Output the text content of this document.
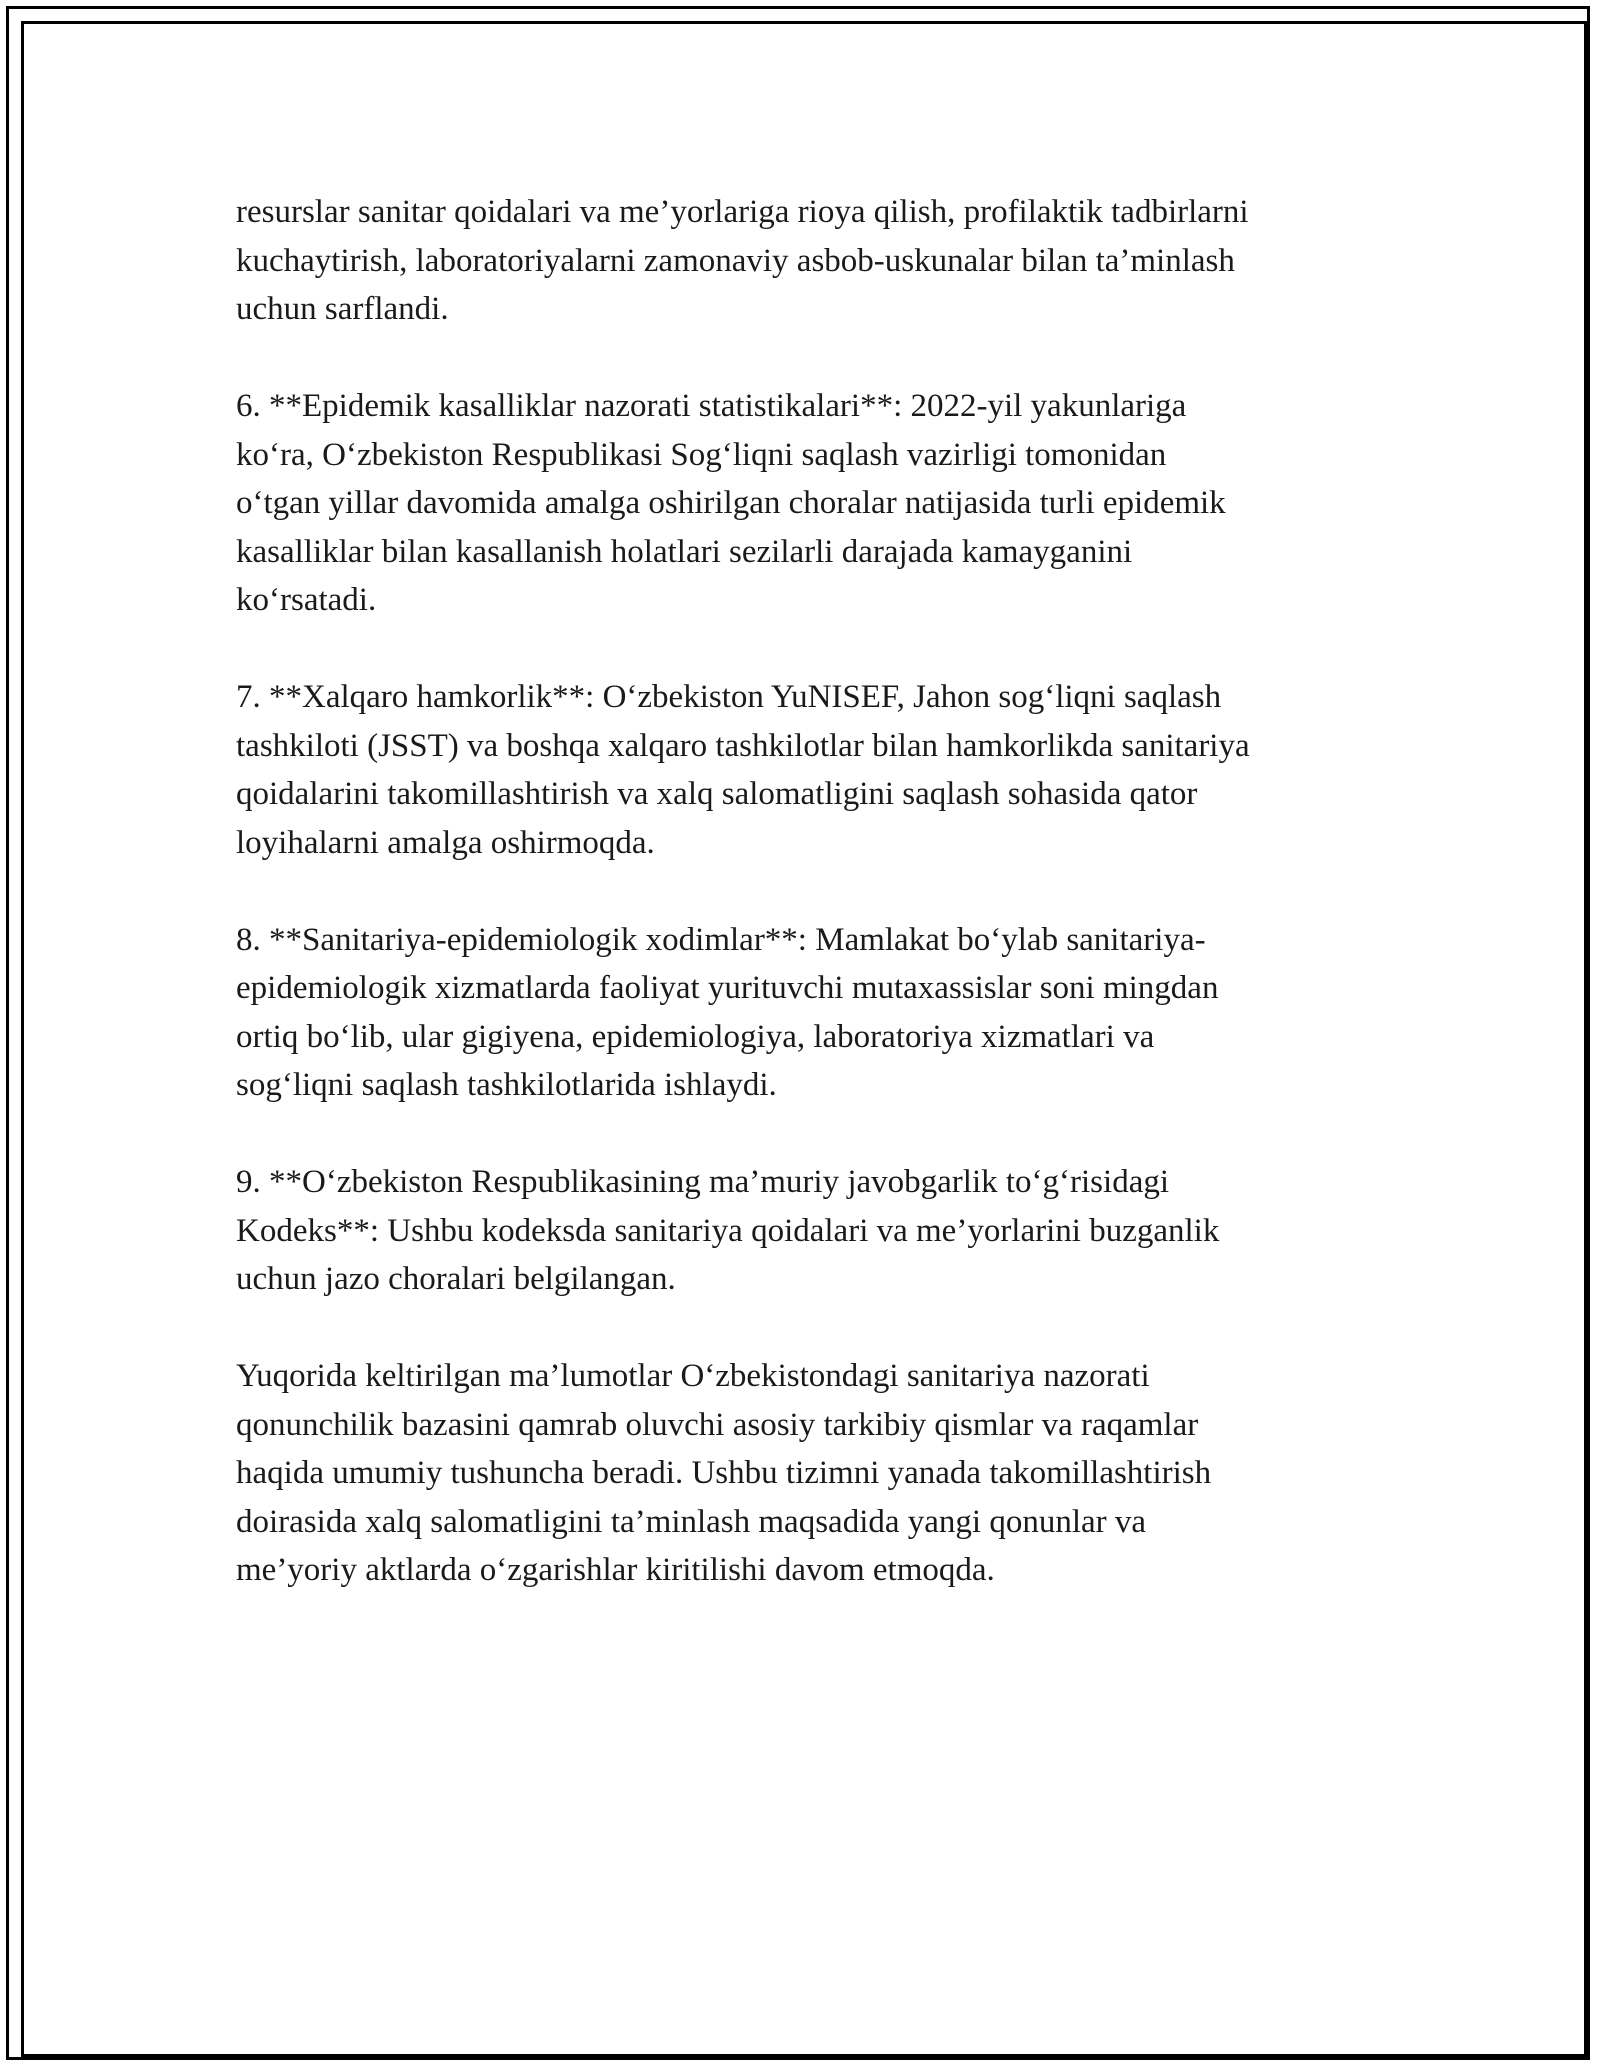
resurslar sanitar qoidalari va me’yorlariga rioya qilish, profilaktik tadbirlarni
kuchaytirish, laboratoriyalarni zamonaviy asbob-uskunalar bilan ta’minlash
uchun sarflandi.

6. **Epidemik kasalliklar nazorati statistikalari**: 2022-yil yakunlariga
ko‘ra, O‘zbekiston Respublikasi Sog‘liqni saqlash vazirligi tomonidan
o‘tgan yillar davomida amalga oshirilgan choralar natijasida turli epidemik
kasalliklar bilan kasallanish holatlari sezilarli darajada kamayganini
ko‘rsatadi.

7. **Xalqaro hamkorlik**: O‘zbekiston YuNISEF, Jahon sog‘liqni saqlash
tashkiloti (JSST) va boshqa xalqaro tashkilotlar bilan hamkorlikda sanitariya
qoidalarini takomillashtirish va xalq salomatligini saqlash sohasida qator
loyihalarni amalga oshirmoqda.

8. **Sanitariya-epidemiologik xodimlar**: Mamlakat bo‘ylab sanitariya-
epidemiologik xizmatlarda faoliyat yurituvchi mutaxassislar soni mingdan
ortiq bo‘lib, ular gigiyena, epidemiologiya, laboratoriya xizmatlari va
sog‘liqni saqlash tashkilotlarida ishlaydi.

9. **O‘zbekiston Respublikasining ma’muriy javobgarlik to‘g‘risidagi
Kodeks**: Ushbu kodeksda sanitariya qoidalari va me’yorlarini buzganlik
uchun jazo choralari belgilangan.

Yuqorida keltirilgan ma’lumotlar O‘zbekistondagi sanitariya nazorati
qonunchilik bazasini qamrab oluvchi asosiy tarkibiy qismlar va raqamlar
haqida umumiy tushuncha beradi. Ushbu tizimni yanada takomillashtirish
doirasida xalq salomatligini ta’minlash maqsadida yangi qonunlar va
me’yoriy aktlarda o‘zgarishlar kiritilishi davom etmoqda.
